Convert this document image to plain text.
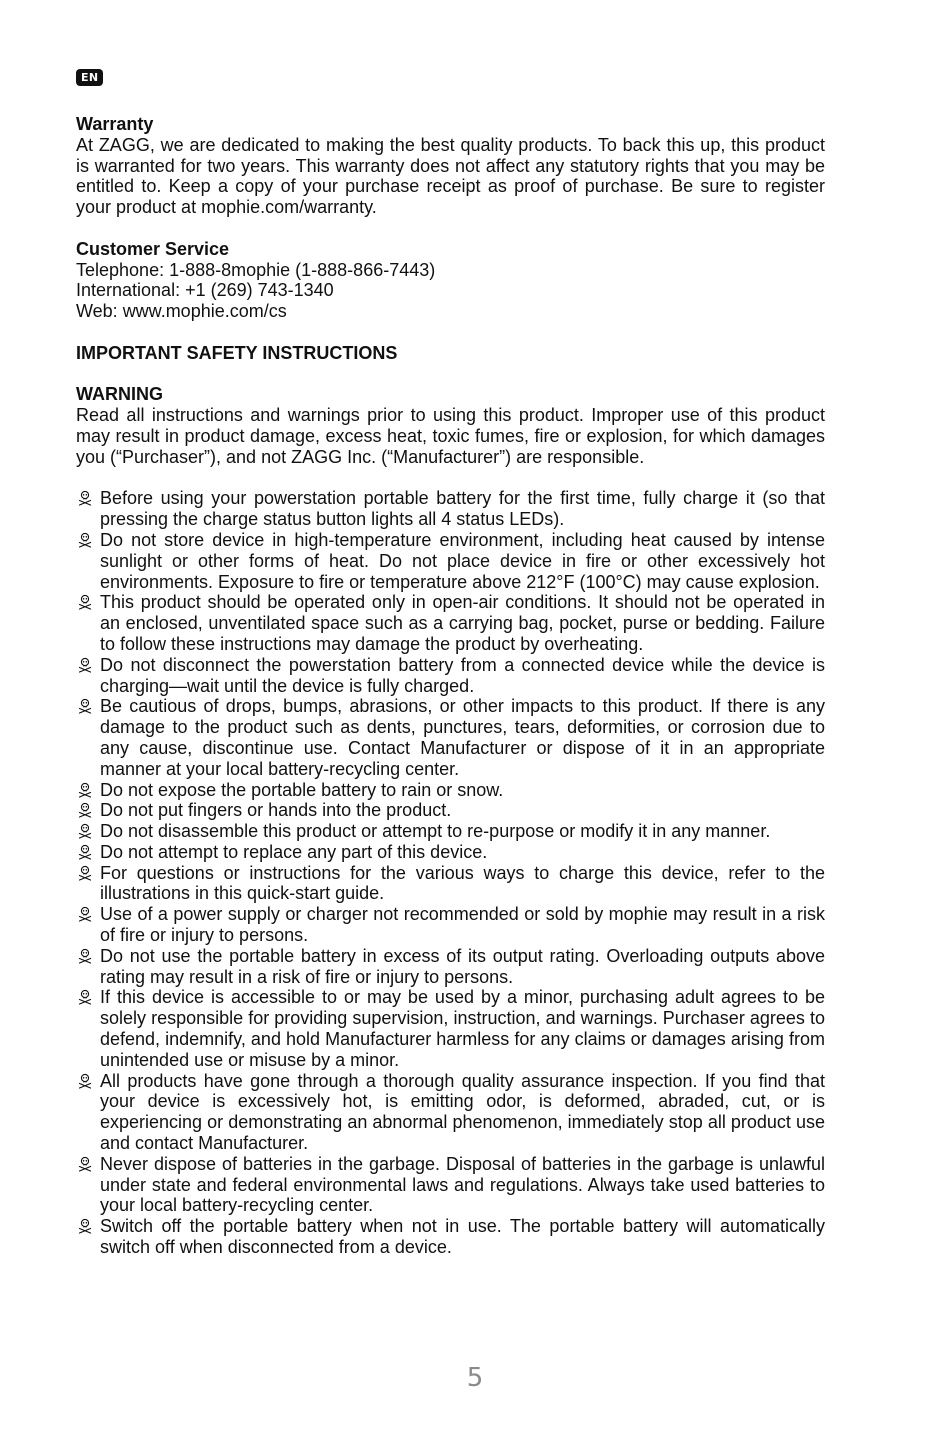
EN
Warranty
At ZAGG, we are dedicated to making the best quality products. To back this up, this product is warranted for two years. This warranty does not affect any statutory rights that you may be entitled to. Keep a copy of your purchase receipt as proof of purchase. Be sure to register your product at mophie.com/warranty.
Customer Service
Telephone: 1-888-8mophie (1-888-866-7443)
International: +1 (269) 743-1340
Web: www.mophie.com/cs
IMPORTANT SAFETY INSTRUCTIONS
WARNING
Read all instructions and warnings prior to using this product. Improper use of this product may result in product damage, excess heat, toxic fumes, fire or explosion, for which damages you (“Purchaser”), and not ZAGG Inc. (“Manufacturer”) are responsible.
Before using your powerstation portable battery for the first time, fully charge it (so that pressing the charge status button lights all 4 status LEDs).
Do not store device in high-temperature environment, including heat caused by intense sunlight or other forms of heat. Do not place device in fire or other excessively hot environments. Exposure to fire or temperature above 212°F (100°C) may cause explosion.
This product should be operated only in open-air conditions. It should not be operated in an enclosed, unventilated space such as a carrying bag, pocket, purse or bedding. Failure to follow these instructions may damage the product by overheating.
Do not disconnect the powerstation battery from a connected device while the device is charging—wait until the device is fully charged.
Be cautious of drops, bumps, abrasions, or other impacts to this product. If there is any damage to the product such as dents, punctures, tears, deformities, or corrosion due to any cause, discontinue use. Contact Manufacturer or dispose of it in an appropriate manner at your local battery-recycling center.
Do not expose the portable battery to rain or snow.
Do not put fingers or hands into the product.
Do not disassemble this product or attempt to re-purpose or modify it in any manner.
Do not attempt to replace any part of this device.
For questions or instructions for the various ways to charge this device, refer to the illustrations in this quick-start guide.
Use of a power supply or charger not recommended or sold by mophie may result in a risk of fire or injury to persons.
Do not use the portable battery in excess of its output rating. Overloading outputs above rating may result in a risk of fire or injury to persons.
If this device is accessible to or may be used by a minor, purchasing adult agrees to be solely responsible for providing supervision, instruction, and warnings. Purchaser agrees to defend, indemnify, and hold Manufacturer harmless for any claims or damages arising from unintended use or misuse by a minor.
All products have gone through a thorough quality assurance inspection. If you find that your device is excessively hot, is emitting odor, is deformed, abraded, cut, or is experiencing or demonstrating an abnormal phenomenon, immediately stop all product use and contact Manufacturer.
Never dispose of batteries in the garbage. Disposal of batteries in the garbage is unlawful under state and federal environmental laws and regulations. Always take used batteries to your local battery-recycling center.
Switch off the portable battery when not in use. The portable battery will automatically switch off when disconnected from a device.
5
